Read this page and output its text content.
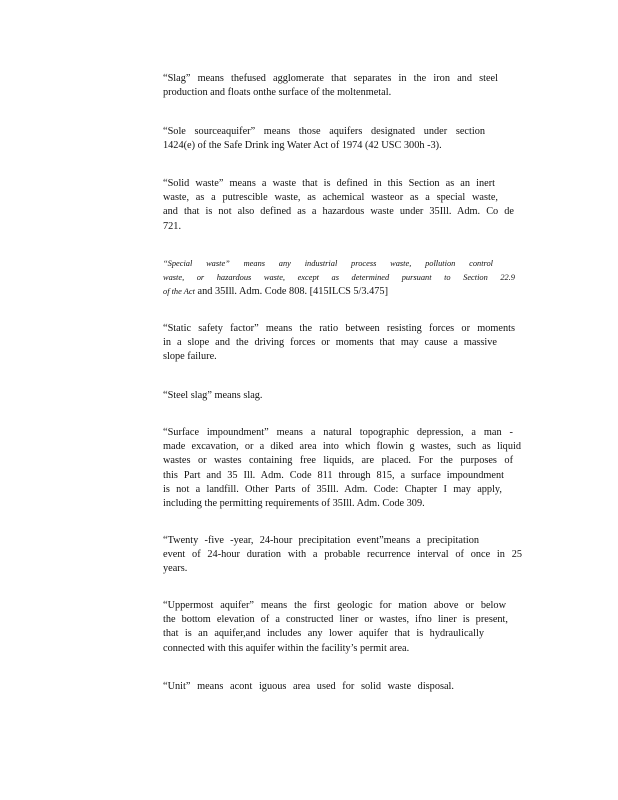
“Slag” means thefused agglomerate that separates in the iron and steel
production and floats onthe surface of the moltenmetal.
“Sole sourceaquifer” means those aquifers designated under section
1424(e) of the Safe Drink ing Water Act of 1974 (42 USC 300h -3).
“Solid waste” means a waste that is defined in this Section as an inert
waste, as a putrescible waste, as achemical wasteor as a special waste,
and that is not also defined as a hazardous waste under 35Ill. Adm. Co de
721.
“Special waste” means any industrial process waste, pollution control
waste, or hazardous waste, except as determined pursuant to Section 22.9
of the Act and 35Ill. Adm. Code 808. [415ILCS 5/3.475]
“Static safety factor” means the ratio between resisting forces or moments
in a slope and the driving forces or moments that may cause a massive
slope failure.
“Steel slag” means slag.
“Surface impoundment” means a natural topographic depression, a man -
made excavation, or a diked area into which flowin g wastes, such as liquid
wastes or wastes containing free liquids, are placed. For the purposes of
this Part and 35 Ill. Adm. Code 811 through 815, a surface impoundment
is not a landfill. Other Parts of 35Ill. Adm. Code: Chapter I may apply,
including the permitting requirements of 35Ill. Adm. Code 309.
“Twenty -five -year, 24-hour precipitation event”means a precipitation
event of 24-hour duration with a probable recurrence interval of once in 25
years.
“Uppermost aquifer” means the first geologic for mation above or below
the bottom elevation of a constructed liner or wastes, ifno liner is present,
that is an aquifer,and includes any lower aquifer that is hydraulically
connected with this aquifer within the facility’s permit area.
“Unit” means acont iguous area used for solid waste disposal.
